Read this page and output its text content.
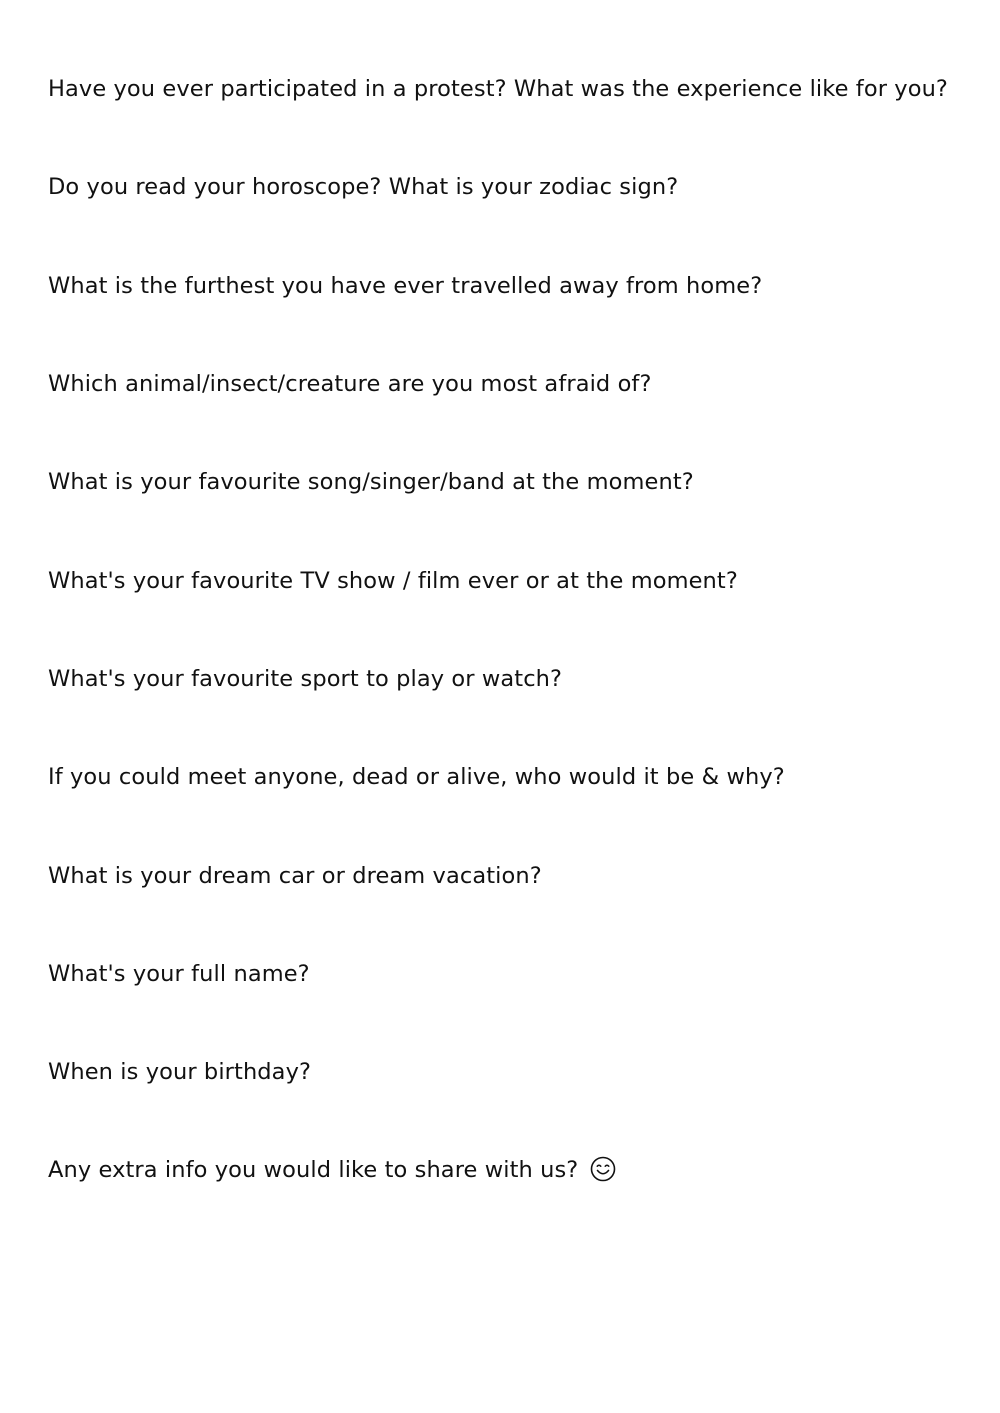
Have you ever participated in a protest? What was the experience like for you?

Do you read your horoscope? What is your zodiac sign?

What is the furthest you have ever travelled away from home?

Which animal/insect/creature are you most afraid of?

What is your favourite song/singer/band at the moment?

What's your favourite TV show / film ever or at the moment?

What's your favourite sport to play or watch?

If you could meet anyone, dead or alive, who would it be & why?

What is your dream car or dream vacation?

What's your full name?

When is your birthday?

Any extra info you would like to share with us?
